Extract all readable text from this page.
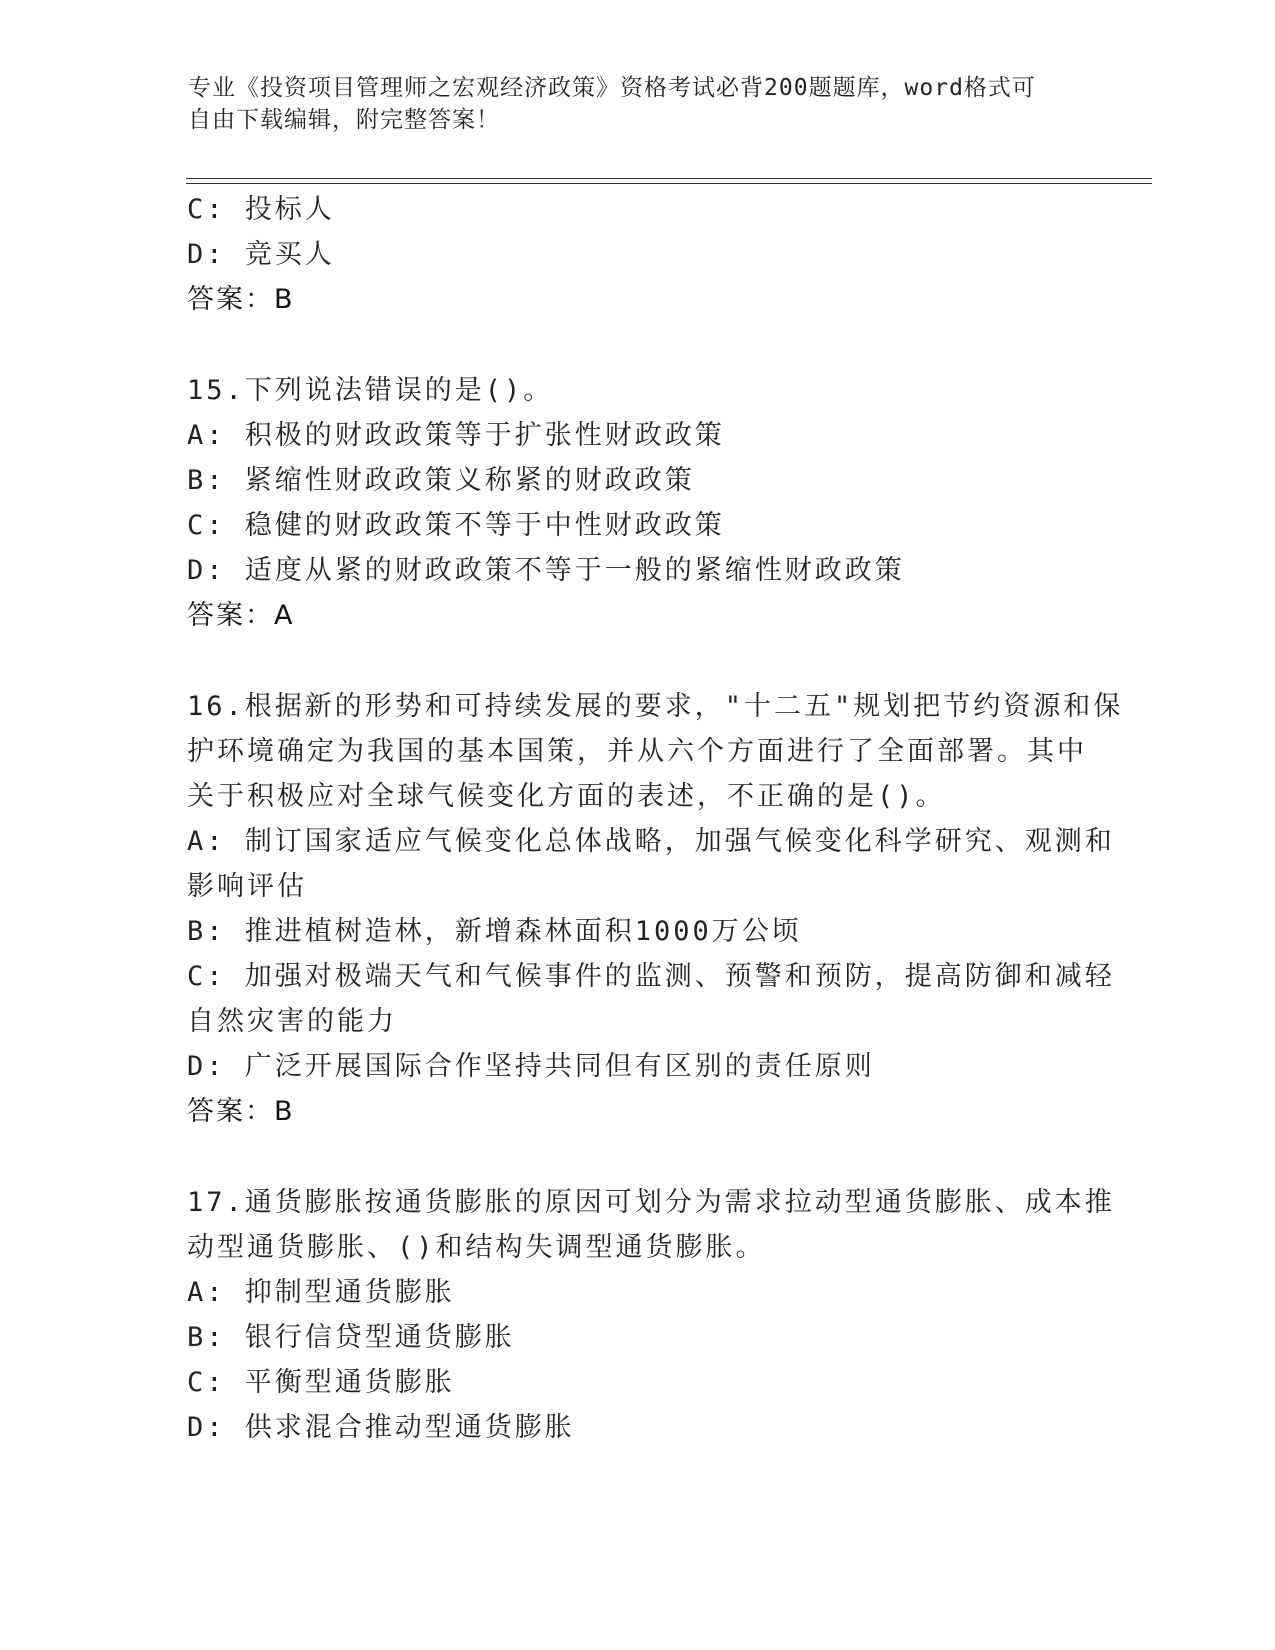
专业《投资项目管理师之宏观经济政策》资格考试必背200题题库，word格式可
自由下载编辑，附完整答案！
C: 投标人
D: 竞买人
答案：B
15.下列说法错误的是()。
A: 积极的财政政策等于扩张性财政政策
B: 紧缩性财政政策义称紧的财政政策
C: 稳健的财政政策不等于中性财政政策
D: 适度从紧的财政政策不等于一般的紧缩性财政政策
答案：A
16.根据新的形势和可持续发展的要求，"十二五"规划把节约资源和保
护环境确定为我国的基本国策，并从六个方面进行了全面部署。其中
关于积极应对全球气候变化方面的表述，不正确的是()。
A: 制订国家适应气候变化总体战略，加强气候变化科学研究、观测和
影响评估
B: 推进植树造林，新增森林面积1000万公顷
C: 加强对极端天气和气候事件的监测、预警和预防，提高防御和减轻
自然灾害的能力
D: 广泛开展国际合作坚持共同但有区别的责任原则
答案：B
17.通货膨胀按通货膨胀的原因可划分为需求拉动型通货膨胀、成本推
动型通货膨胀、()和结构失调型通货膨胀。
A: 抑制型通货膨胀
B: 银行信贷型通货膨胀
C: 平衡型通货膨胀
D: 供求混合推动型通货膨胀
